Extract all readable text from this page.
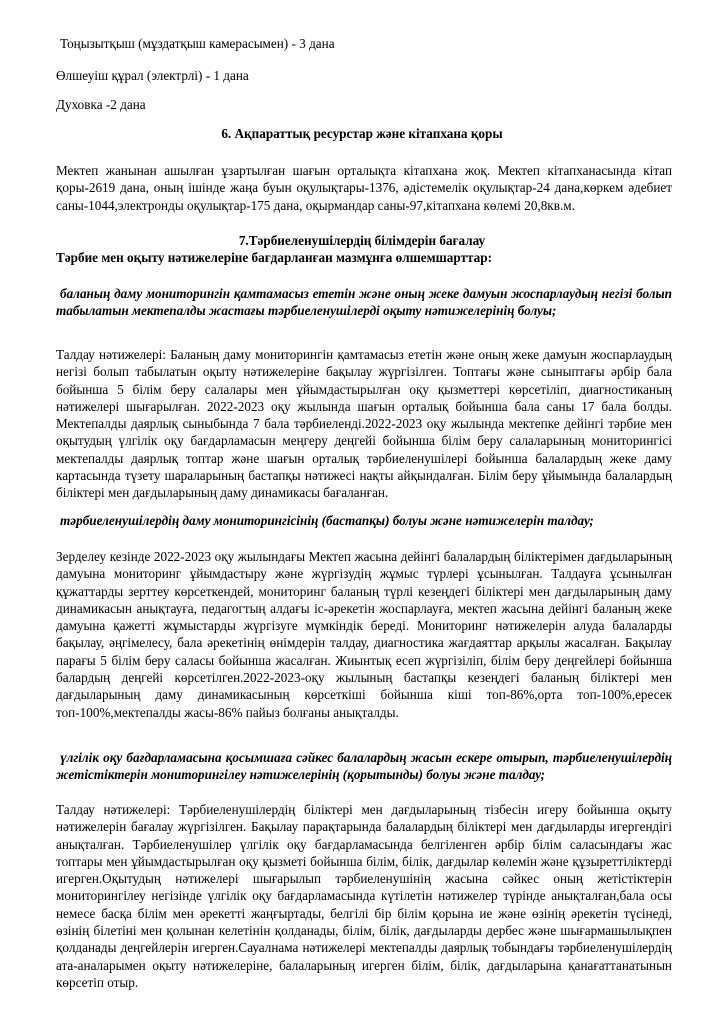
Тоңызытқыш (мұздатқыш камерасымен) - 3 дана
Өлшеуіш құрал (электрлі) - 1 дана
Духовка -2 дана
6. Ақпараттық ресурстар және кітапхана қоры

Мектеп жанынан ашылған ұзартылған шағын орталықта кітапхана жоқ. Мектеп кітапханасында кітап қоры-2619 дана, оның ішінде жаңа буын оқулықтары-1376, әдістемелік оқулықтар-24 дана,көркем әдебиет саны-1044,электронды оқулықтар-175 дана, оқырмандар саны-97,кітапхана көлемі 20,8кв.м.

7.Тәрбиеленушілердің білімдерін бағалау
Тәрбие мен оқыту нәтижелеріне бағдарланған мазмұнға өлшемшарттар:

баланың даму мониторингін қамтамасыз ететін және оның жеке дамуын жоспарлаудың негізі болып табылатын мектепалды жастағы тәрбиеленушілерді оқыту нәтижелерінің болуы;

Талдау нәтижелері: Баланың даму мониторингін қамтамасыз ететін және оның жеке дамуын жоспарлаудың негізі болып табылатын оқыту нәтижелеріне бақылау жүргізілген. Топтағы және сыныптағы әрбір бала бойынша 5 білім беру салалары мен ұйымдастырылған оқу қызметтері көрсетіліп, диагностиканың нәтижелері шығарылған. 2022-2023 оқу жылында шағын орталық бойынша бала саны 17 бала болды. Мектепалды даярлық сыныбында 7 бала тәрбиеленді.2022-2023 оқу жылында мектепке дейінгі тәрбие мен оқытудың үлгілік оқу бағдарламасын меңгеру деңгейі бойынша білім беру салаларының мониторингісі мектепалды даярлық топтар және шағын орталық тәрбиеленушілері бойынша балалардың жеке даму картасында түзету шараларының бастапқы нәтижесі нақты айқындалған. Білім беру ұйымында балалардың біліктері мен дағдыларының даму динамикасы бағаланған.

тәрбиеленушілердің даму мониторингісінің (бастапқы) болуы және нәтижелерін талдау;

Зерделеу кезінде 2022-2023 оқу жылындағы Мектеп жасына дейінгі балалардың біліктерімен дағдыларының дамуына мониторинг ұйымдастыру және жүргізудің жұмыс түрлері ұсынылған. Талдауға ұсынылған құжаттарды зерттеу көрсеткендей, мониторинг баланың түрлі кезеңдегі біліктері мен дағдыларының даму динамикасын анықтауға, педагогтың алдағы іс-әрекетін жоспарлауға, мектеп жасына дейінгі баланың жеке дамуына қажетті жұмыстарды жүргізуге мүмкіндік береді. Мониторинг нәтижелерін алуда балаларды бақылау, әңгімелесу, бала әрекетінің өнімдерін талдау, диагностика жағдаяттар арқылы жасалған. Бақылау парағы 5 білім беру саласы бойынша жасалған. Жиынтық есеп жүргізіліп, білім беру деңгейлері бойынша балардың деңгейі көрсетілген.2022-2023-оқу жылының бастапқы кезеңдегі баланың біліктері мен дағдыларының даму динамикасының көрсеткіші бойынша кіші топ-86%,орта топ-100%,ересек топ-100%,мектепалды жасы-86% пайыз болғаны анықталды.

үлгілік оқу бағдарламасына қосымшаға сәйкес балалардың жасын ескере отырып, тәрбиеленушілердің жетістіктерін мониторингілеу нәтижелерінің (қорытынды) болуы және талдау;

Талдау нәтижелері: Тәрбиеленушілердің біліктері мен дағдыларының тізбесін игеру бойынша оқыту нәтижелерін бағалау жүргізілген. Бақылау парақтарында балалардың біліктері мен дағдыларды игергендігі анықталған. Тәрбиеленушілер үлгілік оқу бағдарламасында белгіленген әрбір білім саласындағы жас топтары мен ұйымдастырылған оқу қызметі бойынша білім, білік, дағдылар көлемін және құзыреттіліктерді игерген.Оқытудың нәтижелері шығарылып тәрбиеленушінің жасына сәйкес оның жетістіктерін мониторингілеу негізінде үлгілік оқу бағдарламасында күтілетін нәтижелер түрінде анықталған,бала осы немесе басқа білім мен әрекетті жаңғыртады, белгілі бір білім қорына ие және өзінің әрекетін түсінеді, өзінің білетіні мен қолынан келетінін қолданады, білім, білік, дағдыларды дербес және шығармашылықпен қолданады деңгейлерін игерген.Сауалнама нәтижелері мектепалды даярлық тобындағы тәрбиеленушілердің ата-аналарымен оқыту нәтижелеріне, балаларының игерген білім, білік, дағдыларына қанағаттанатынын көрсетіп отыр.
